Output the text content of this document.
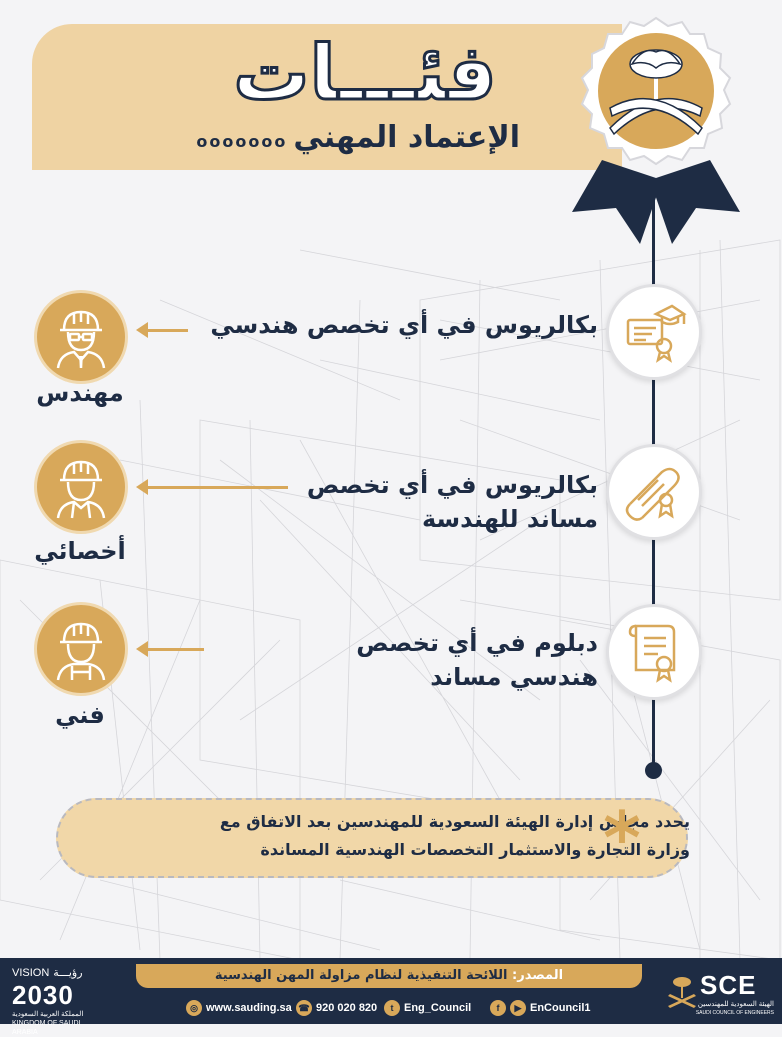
فئـــات
الإعتماد المهنيooooooo
بكالريوس في أي تخصص هندسي
مهندس
بكالريوس في أي تخصص
مساند للهندسة
أخصائي
دبلوم في أي تخصص
هندسي مساند
فني
يحدد مجلس إدارة الهيئة السعودية للمهندسين بعد الاتفاق مع
وزارة التجارة والاستثمار التخصصات الهندسية المساندة
*
المصدر: اللائحة التنفيذية لنظام مزاولة المهن الهندسية
◎ www.sauding.sa ☎ 920 020 820	t Eng_Council	f	▶ EnCouncil1
VISION رؤيـــة
2030
المملكة العربية السعودية
KINGDOM OF SAUDI ARABIA
SCE
الهيئة السعودية للمهندسين
SAUDI COUNCIL OF ENGINEERS
